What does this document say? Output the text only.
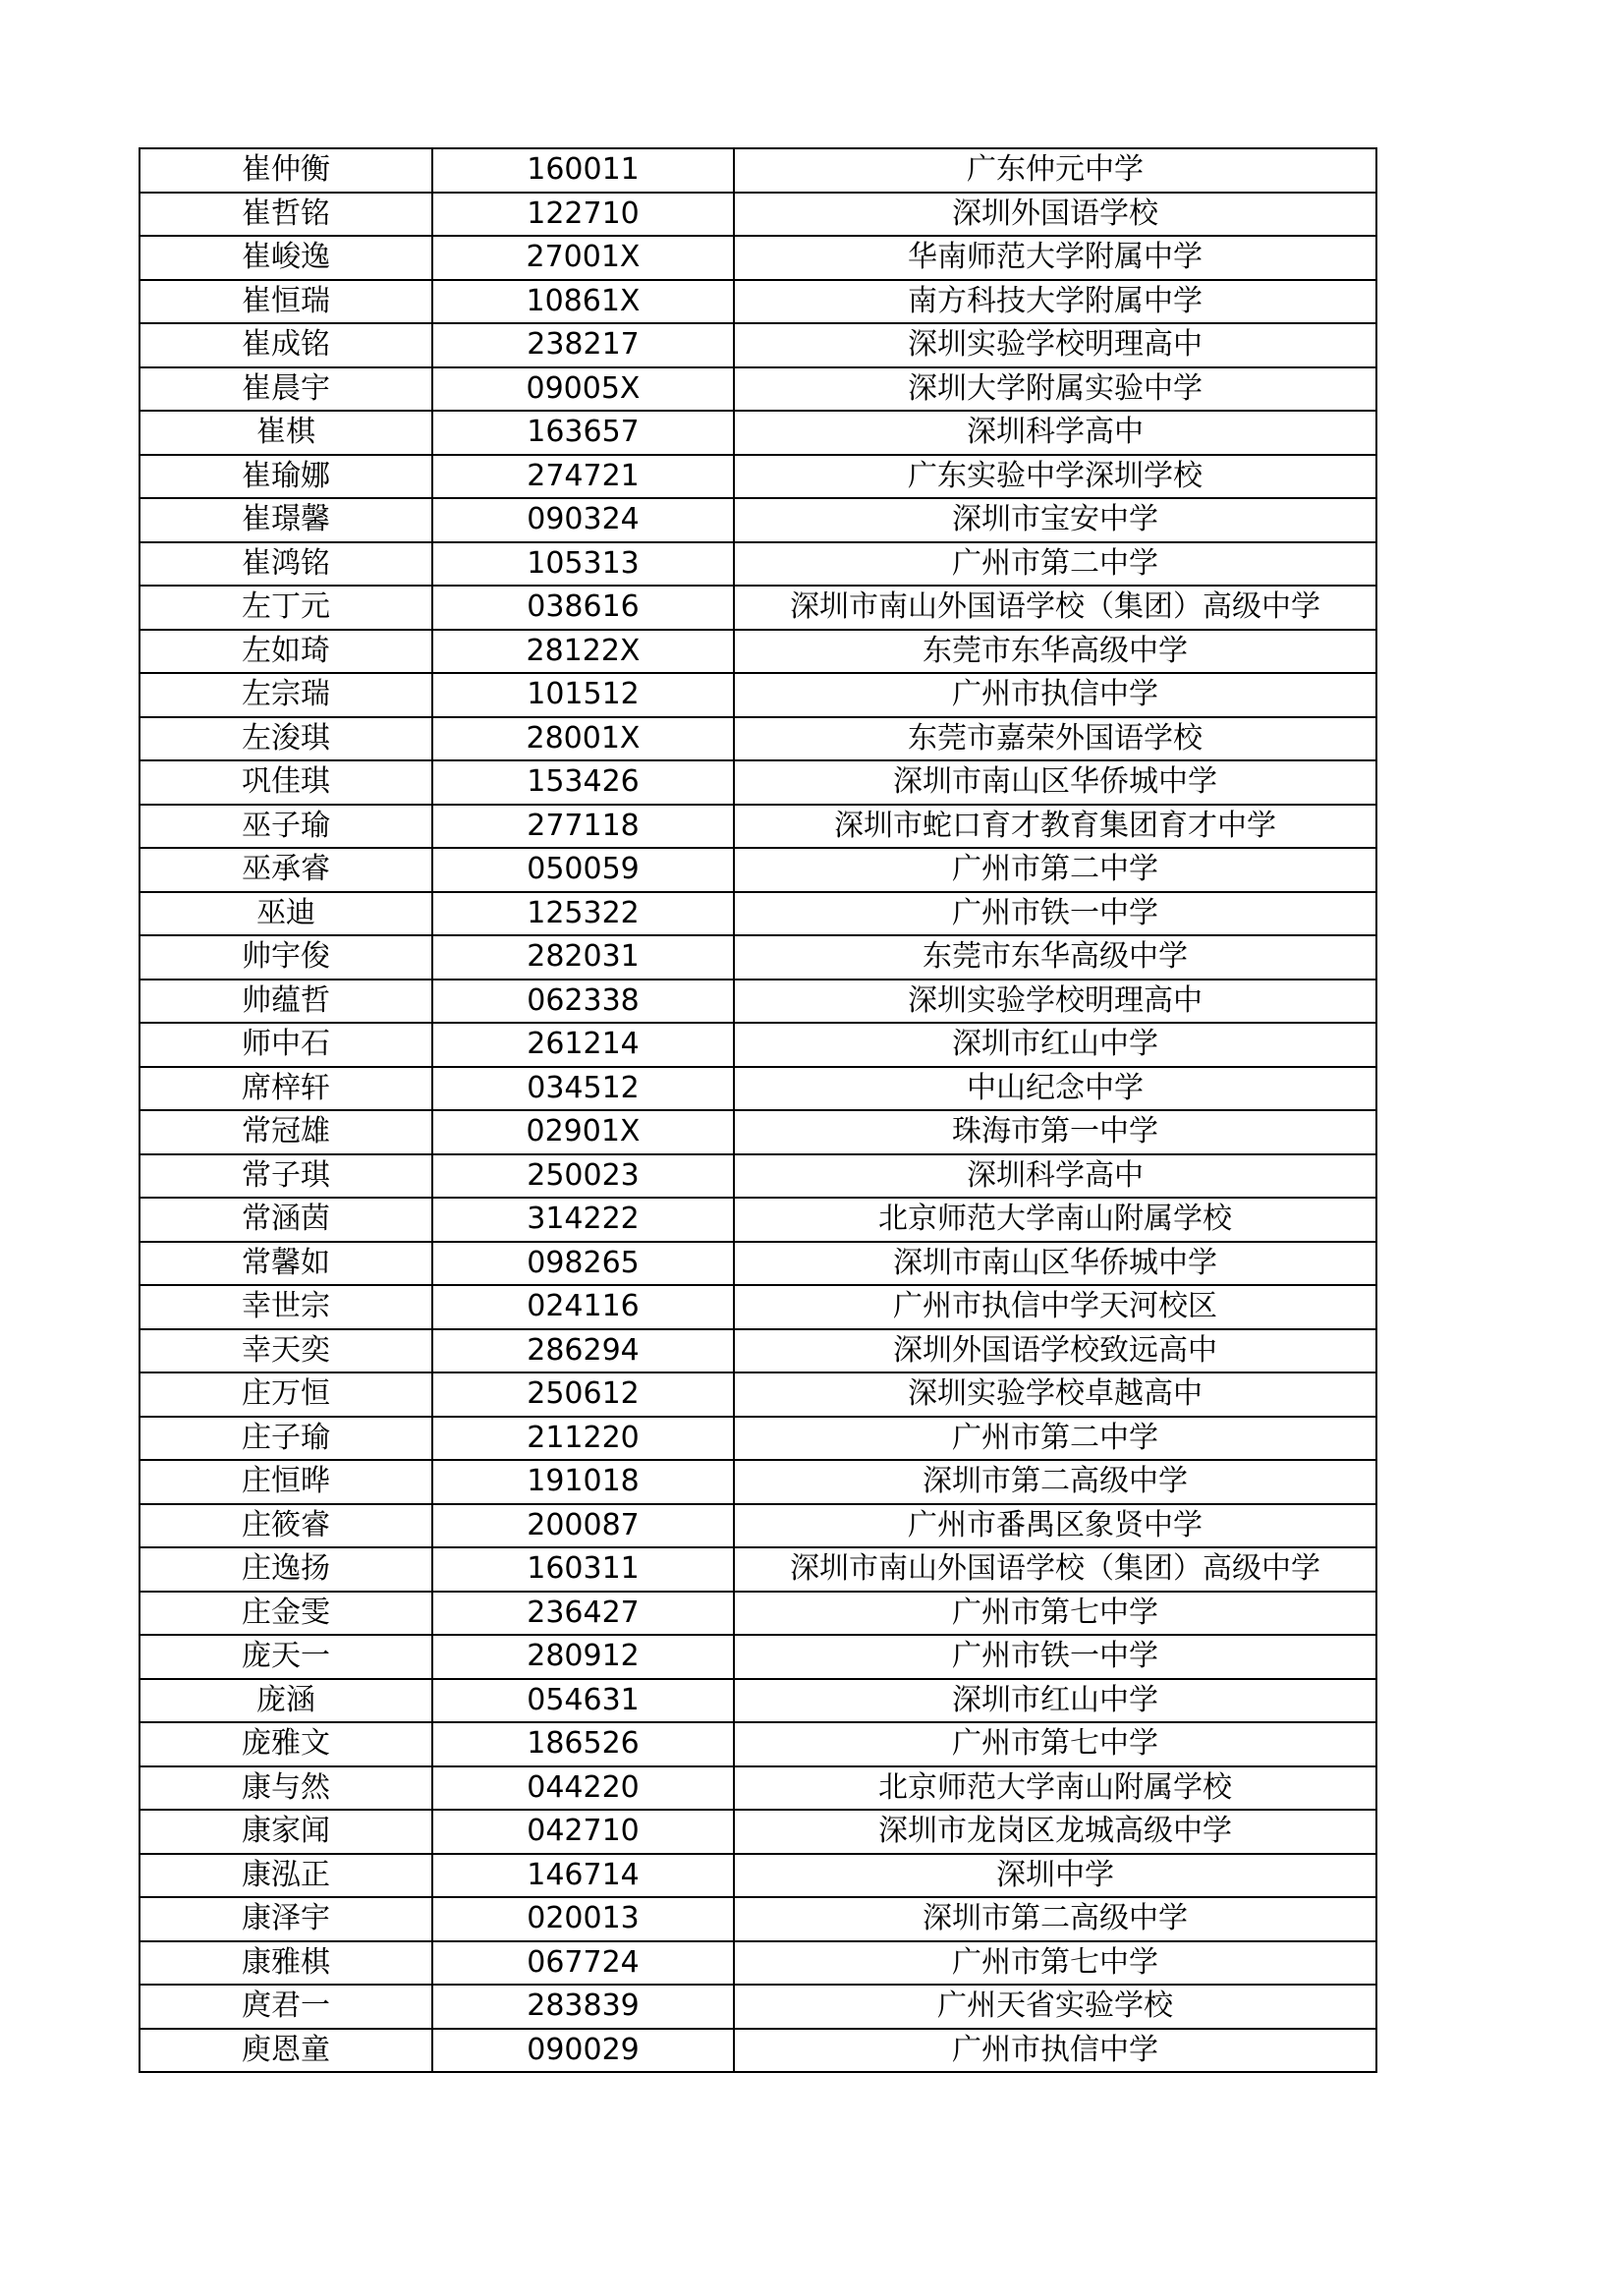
崔仲衡	160011	广东仲元中学
崔哲铭	122710	深圳外国语学校
崔峻逸	27001X	华南师范大学附属中学
崔恒瑞	10861X	南方科技大学附属中学
崔成铭	238217	深圳实验学校明理高中
崔晨宇	09005X	深圳大学附属实验中学
崔棋	163657	深圳科学高中
崔瑜娜	274721	广东实验中学深圳学校
崔璟馨	090324	深圳市宝安中学
崔鸿铭	105313	广州市第二中学
左丁元	038616	深圳市南山外国语学校（集团）高级中学
左如琦	28122X	东莞市东华高级中学
左宗瑞	101512	广州市执信中学
左浚琪	28001X	东莞市嘉荣外国语学校
巩佳琪	153426	深圳市南山区华侨城中学
巫子瑜	277118	深圳市蛇口育才教育集团育才中学
巫承睿	050059	广州市第二中学
巫迪	125322	广州市铁一中学
帅宇俊	282031	东莞市东华高级中学
帅蕴哲	062338	深圳实验学校明理高中
师中石	261214	深圳市红山中学
席梓轩	034512	中山纪念中学
常冠雄	02901X	珠海市第一中学
常子琪	250023	深圳科学高中
常涵茵	314222	北京师范大学南山附属学校
常馨如	098265	深圳市南山区华侨城中学
幸世宗	024116	广州市执信中学天河校区
幸天奕	286294	深圳外国语学校致远高中
庄万恒	250612	深圳实验学校卓越高中
庄子瑜	211220	广州市第二中学
庄恒晔	191018	深圳市第二高级中学
庄筱睿	200087	广州市番禺区象贤中学
庄逸扬	160311	深圳市南山外国语学校（集团）高级中学
庄金雯	236427	广州市第七中学
庞天一	280912	广州市铁一中学
庞涵	054631	深圳市红山中学
庞雅文	186526	广州市第七中学
康与然	044220	北京师范大学南山附属学校
康家闻	042710	深圳市龙岗区龙城高级中学
康泓正	146714	深圳中学
康泽宇	020013	深圳市第二高级中学
康雅棋	067724	广州市第七中学
庹君一	283839	广州天省实验学校
庾恩童	090029	广州市执信中学
